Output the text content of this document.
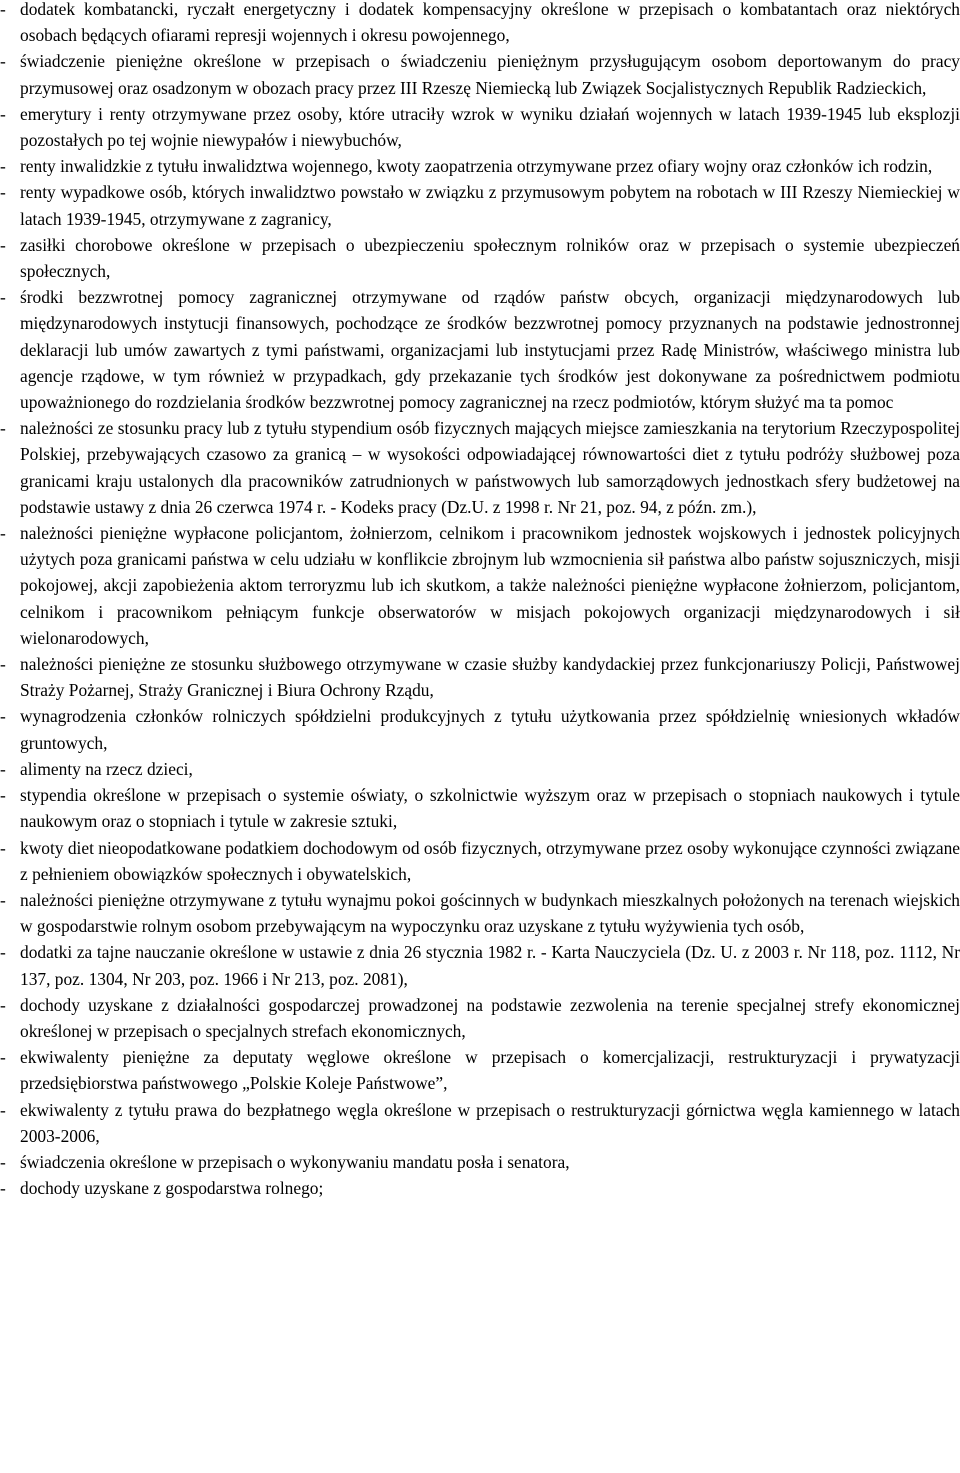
- dodatek kombatancki, ryczałt energetyczny i dodatek kompensacyjny określone w przepisach o kombatantach oraz niektórych osobach będących ofiarami represji wojennych i okresu powojennego,
- świadczenie pieniężne określone w przepisach o świadczeniu pieniężnym przysługującym osobom deportowanym do pracy przymusowej oraz osadzonym w obozach pracy przez III Rzeszę Niemiecką lub Związek Socjalistycznych Republik Radzieckich,
- emerytury i renty otrzymywane przez osoby, które utraciły wzrok w wyniku działań wojennych w latach 1939-1945 lub eksplozji pozostałych po tej wojnie niewypałów i niewybuchów,
- renty inwalidzkie z tytułu inwalidztwa wojennego, kwoty zaopatrzenia otrzymywane przez ofiary wojny oraz członków ich rodzin,
- renty wypadkowe osób, których inwalidztwo powstało w związku z przymusowym pobytem na robotach w III Rzeszy Niemieckiej w latach 1939-1945, otrzymywane z zagranicy,
- zasiłki chorobowe określone w przepisach o ubezpieczeniu społecznym rolników oraz w przepisach o systemie ubezpieczeń społecznych,
- środki bezzwrotnej pomocy zagranicznej otrzymywane od rządów państw obcych, organizacji międzynarodowych lub międzynarodowych instytucji finansowych, pochodzące ze środków bezzwrotnej pomocy przyznanych na podstawie jednostronnej deklaracji lub umów zawartych z tymi państwami, organizacjami lub instytucjami przez Radę Ministrów, właściwego ministra lub agencje rządowe, w tym również w przypadkach, gdy przekazanie tych środków jest dokonywane za pośrednictwem podmiotu upoważnionego do rozdzielania środków bezzwrotnej pomocy zagranicznej na rzecz podmiotów, którym służyć ma ta pomoc
- należności ze stosunku pracy lub z tytułu stypendium osób fizycznych mających miejsce zamieszkania na terytorium Rzeczypospolitej Polskiej, przebywających czasowo za granicą – w wysokości odpowiadającej równowartości diet z tytułu podróży służbowej poza granicami kraju ustalonych dla pracowników zatrudnionych w państwowych lub samorządowych jednostkach sfery budżetowej na podstawie ustawy z dnia 26 czerwca 1974 r. - Kodeks pracy (Dz.U. z 1998 r. Nr 21, poz. 94, z późn. zm.),
- należności pieniężne wypłacone policjantom, żołnierzom, celnikom i pracownikom jednostek wojskowych i jednostek policyjnych użytych poza granicami państwa w celu udziału w konflikcie zbrojnym lub wzmocnienia sił państwa albo państw sojuszniczych, misji pokojowej, akcji zapobieżenia aktom terroryzmu lub ich skutkom, a także należności pieniężne wypłacone żołnierzom, policjantom, celnikom i pracownikom pełniącym funkcje obserwatorów w misjach pokojowych organizacji międzynarodowych i sił wielonarodowych,
- należności pieniężne ze stosunku służbowego otrzymywane w czasie służby kandydackiej przez funkcjonariuszy Policji, Państwowej Straży Pożarnej, Straży Granicznej i Biura Ochrony Rządu,
- wynagrodzenia członków rolniczych spółdzielni produkcyjnych z tytułu użytkowania przez spółdzielnię wniesionych wkładów gruntowych,
- alimenty na rzecz dzieci,
- stypendia określone w przepisach o systemie oświaty, o szkolnictwie wyższym oraz w przepisach o stopniach naukowych i tytule naukowym oraz o stopniach i tytule w zakresie sztuki,
- kwoty diet nieopodatkowane podatkiem dochodowym od osób fizycznych, otrzymywane przez osoby wykonujące czynności związane z pełnieniem obowiązków społecznych i obywatelskich,
- należności pieniężne otrzymywane z tytułu wynajmu pokoi gościnnych w budynkach mieszkalnych położonych na terenach wiejskich w gospodarstwie rolnym osobom przebywającym na wypoczynku oraz uzyskane z tytułu wyżywienia tych osób,
- dodatki za tajne nauczanie określone w ustawie z dnia 26 stycznia 1982 r. - Karta Nauczyciela (Dz. U. z 2003 r. Nr 118, poz. 1112, Nr 137, poz. 1304, Nr 203, poz. 1966 i Nr 213, poz. 2081),
- dochody uzyskane z działalności gospodarczej prowadzonej na podstawie zezwolenia na terenie specjalnej strefy ekonomicznej określonej w przepisach o specjalnych strefach ekonomicznych,
- ekwiwalenty pieniężne za deputaty węglowe określone w przepisach o komercjalizacji, restrukturyzacji i prywatyzacji przedsiębiorstwa państwowego „Polskie Koleje Państwowe”,
- ekwiwalenty z tytułu prawa do bezpłatnego węgla określone w przepisach o restrukturyzacji górnictwa węgla kamiennego w latach 2003-2006,
- świadczenia określone w przepisach o wykonywaniu mandatu posła i senatora,
- dochody uzyskane z gospodarstwa rolnego;
